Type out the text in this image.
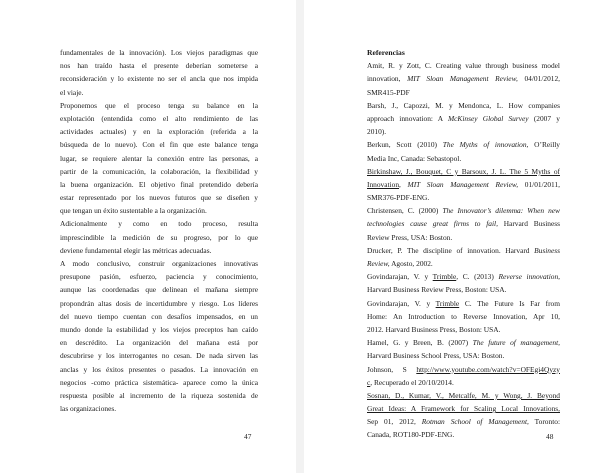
fundamentales de la innovación). Los viejos paradigmas que
nos han traído hasta el presente deberían someterse a
reconsideración y lo existente no ser el ancla que nos impida
el viaje.
Proponemos que el proceso tenga su balance en la
explotación (entendida como el alto rendimiento de las
actividades actuales) y en la exploración (referida a la
búsqueda de lo nuevo). Con el fin que este balance tenga
lugar, se requiere alentar la conexión entre las personas, a
partir de la comunicación, la colaboración, la flexibilidad y
la buena organización. El objetivo final pretendido debería
estar representado por los nuevos futuros que se diseñen y
que tengan un éxito sustentable a la organización.
Adicionalmente y como en todo proceso, resulta
imprescindible la medición de su progreso, por lo que
deviene fundamental elegir las métricas adecuadas.
A modo conclusivo, construir organizaciones innovativas
presupone pasión, esfuerzo, paciencia y conocimiento,
aunque las coordenadas que delinean el mañana siempre
propondrán altas dosis de incertidumbre y riesgo. Los líderes
del nuevo tiempo cuentan con desafíos impensados, en un
mundo donde la estabilidad y los viejos preceptos han caído
en descrédito. La organización del mañana está por
descubrirse y los interrogantes no cesan. De nada sirven las
anclas y los éxitos presentes o pasados. La innovación en
negocios -como práctica sistemática- aparece como la única
respuesta posible al incremento de la riqueza sostenida de
las organizaciones.
47
Referencias
Amit, R. y Zott, C. Creating value through business model
innovation, MIT Sloan Management Review, 04/01/2012,
SMR415-PDF
Barsh, J., Capozzi, M. y Mendonca, L. How companies
approach innovation: A McKinsey Global Survey (2007 y
2010).
Berkun, Scott (2010) The Myths of innovation, O’Reilly
Media Inc, Canada: Sebastopol.
Birkinshaw, J., Bouquet, C y Barsoux, J. L. The 5 Myths of
Innovation, MIT Sloan Management Review, 01/01/2011,
SMR376-PDF-ENG.
Christensen, C. (2000) The Innovator’s dilemma: When new
technologies cause great firms to fail, Harvard Business
Review Press, USA: Boston.
Drucker, P. The discipline of innovation. Harvard Business
Review, Agosto, 2002.
Govindarajan, V. y Trimble, C. (2013) Reverse innovation,
Harvard Business Review Press, Boston: USA.
Govindarajan, V. y Trimble C. The Future Is Far from
Home: An Introduction to Reverse Innovation, Apr 10,
2012. Harvard Business Press, Boston: USA.
Hamel, G. y Breen, B. (2007) The future of management,
Harvard Business School Press, USA: Boston.
Johnson, S http://www.youtube.com/watch?v=OFEgi4Qyzy
c, Recuperado el 20/10/2014.
Sosnan, D., Kumar, V., Metcalfe, M. y Wong, J. Beyond
Great Ideas: A Framework for Scaling Local Innovations,
Sep 01, 2012, Rotman School of Management, Toronto:
Canada, ROT180-PDF-ENG.	48
